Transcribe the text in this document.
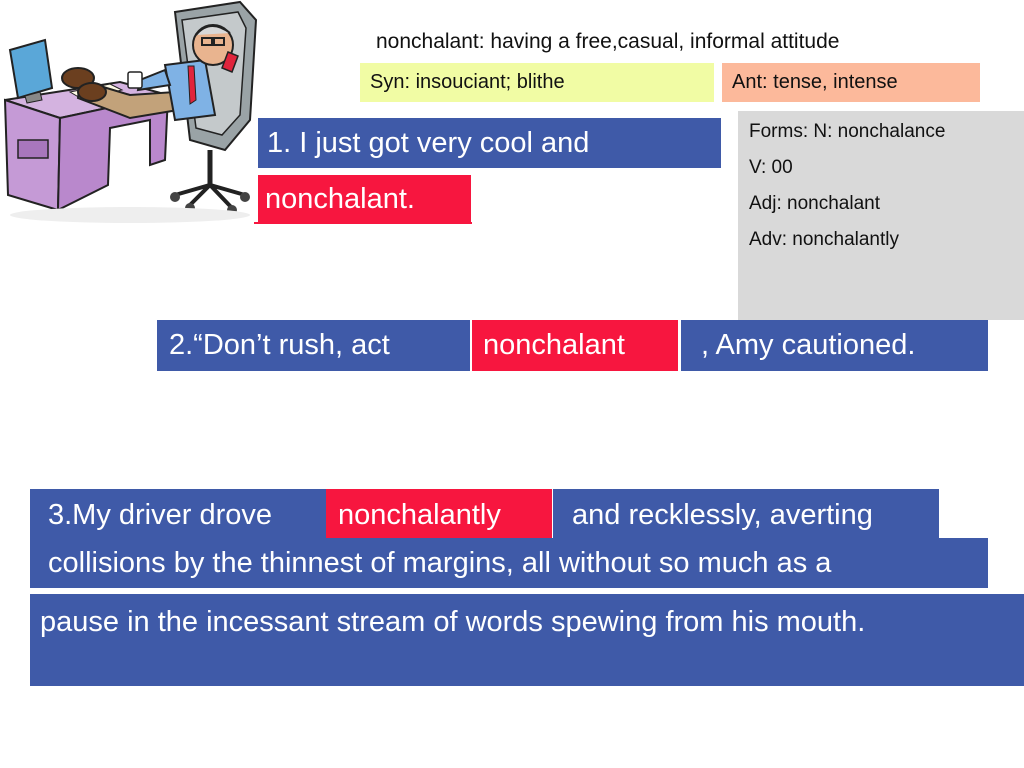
nonchalant: having a free,casual, informal attitude
Syn: insouciant; blithe	Ant: tense, intense
Forms: N: nonchalance
V: 00
Adj: nonchalant
Adv: nonchalantly
1. I just got very cool and
nonchalant.
2.“Don’t rush, act	nonchalant	, Amy cautioned.
3.My driver drove	nonchalantly	and recklessly, averting
collisions by the thinnest of margins, all without so much as a
pause in the incessant stream of words spewing from his mouth.
